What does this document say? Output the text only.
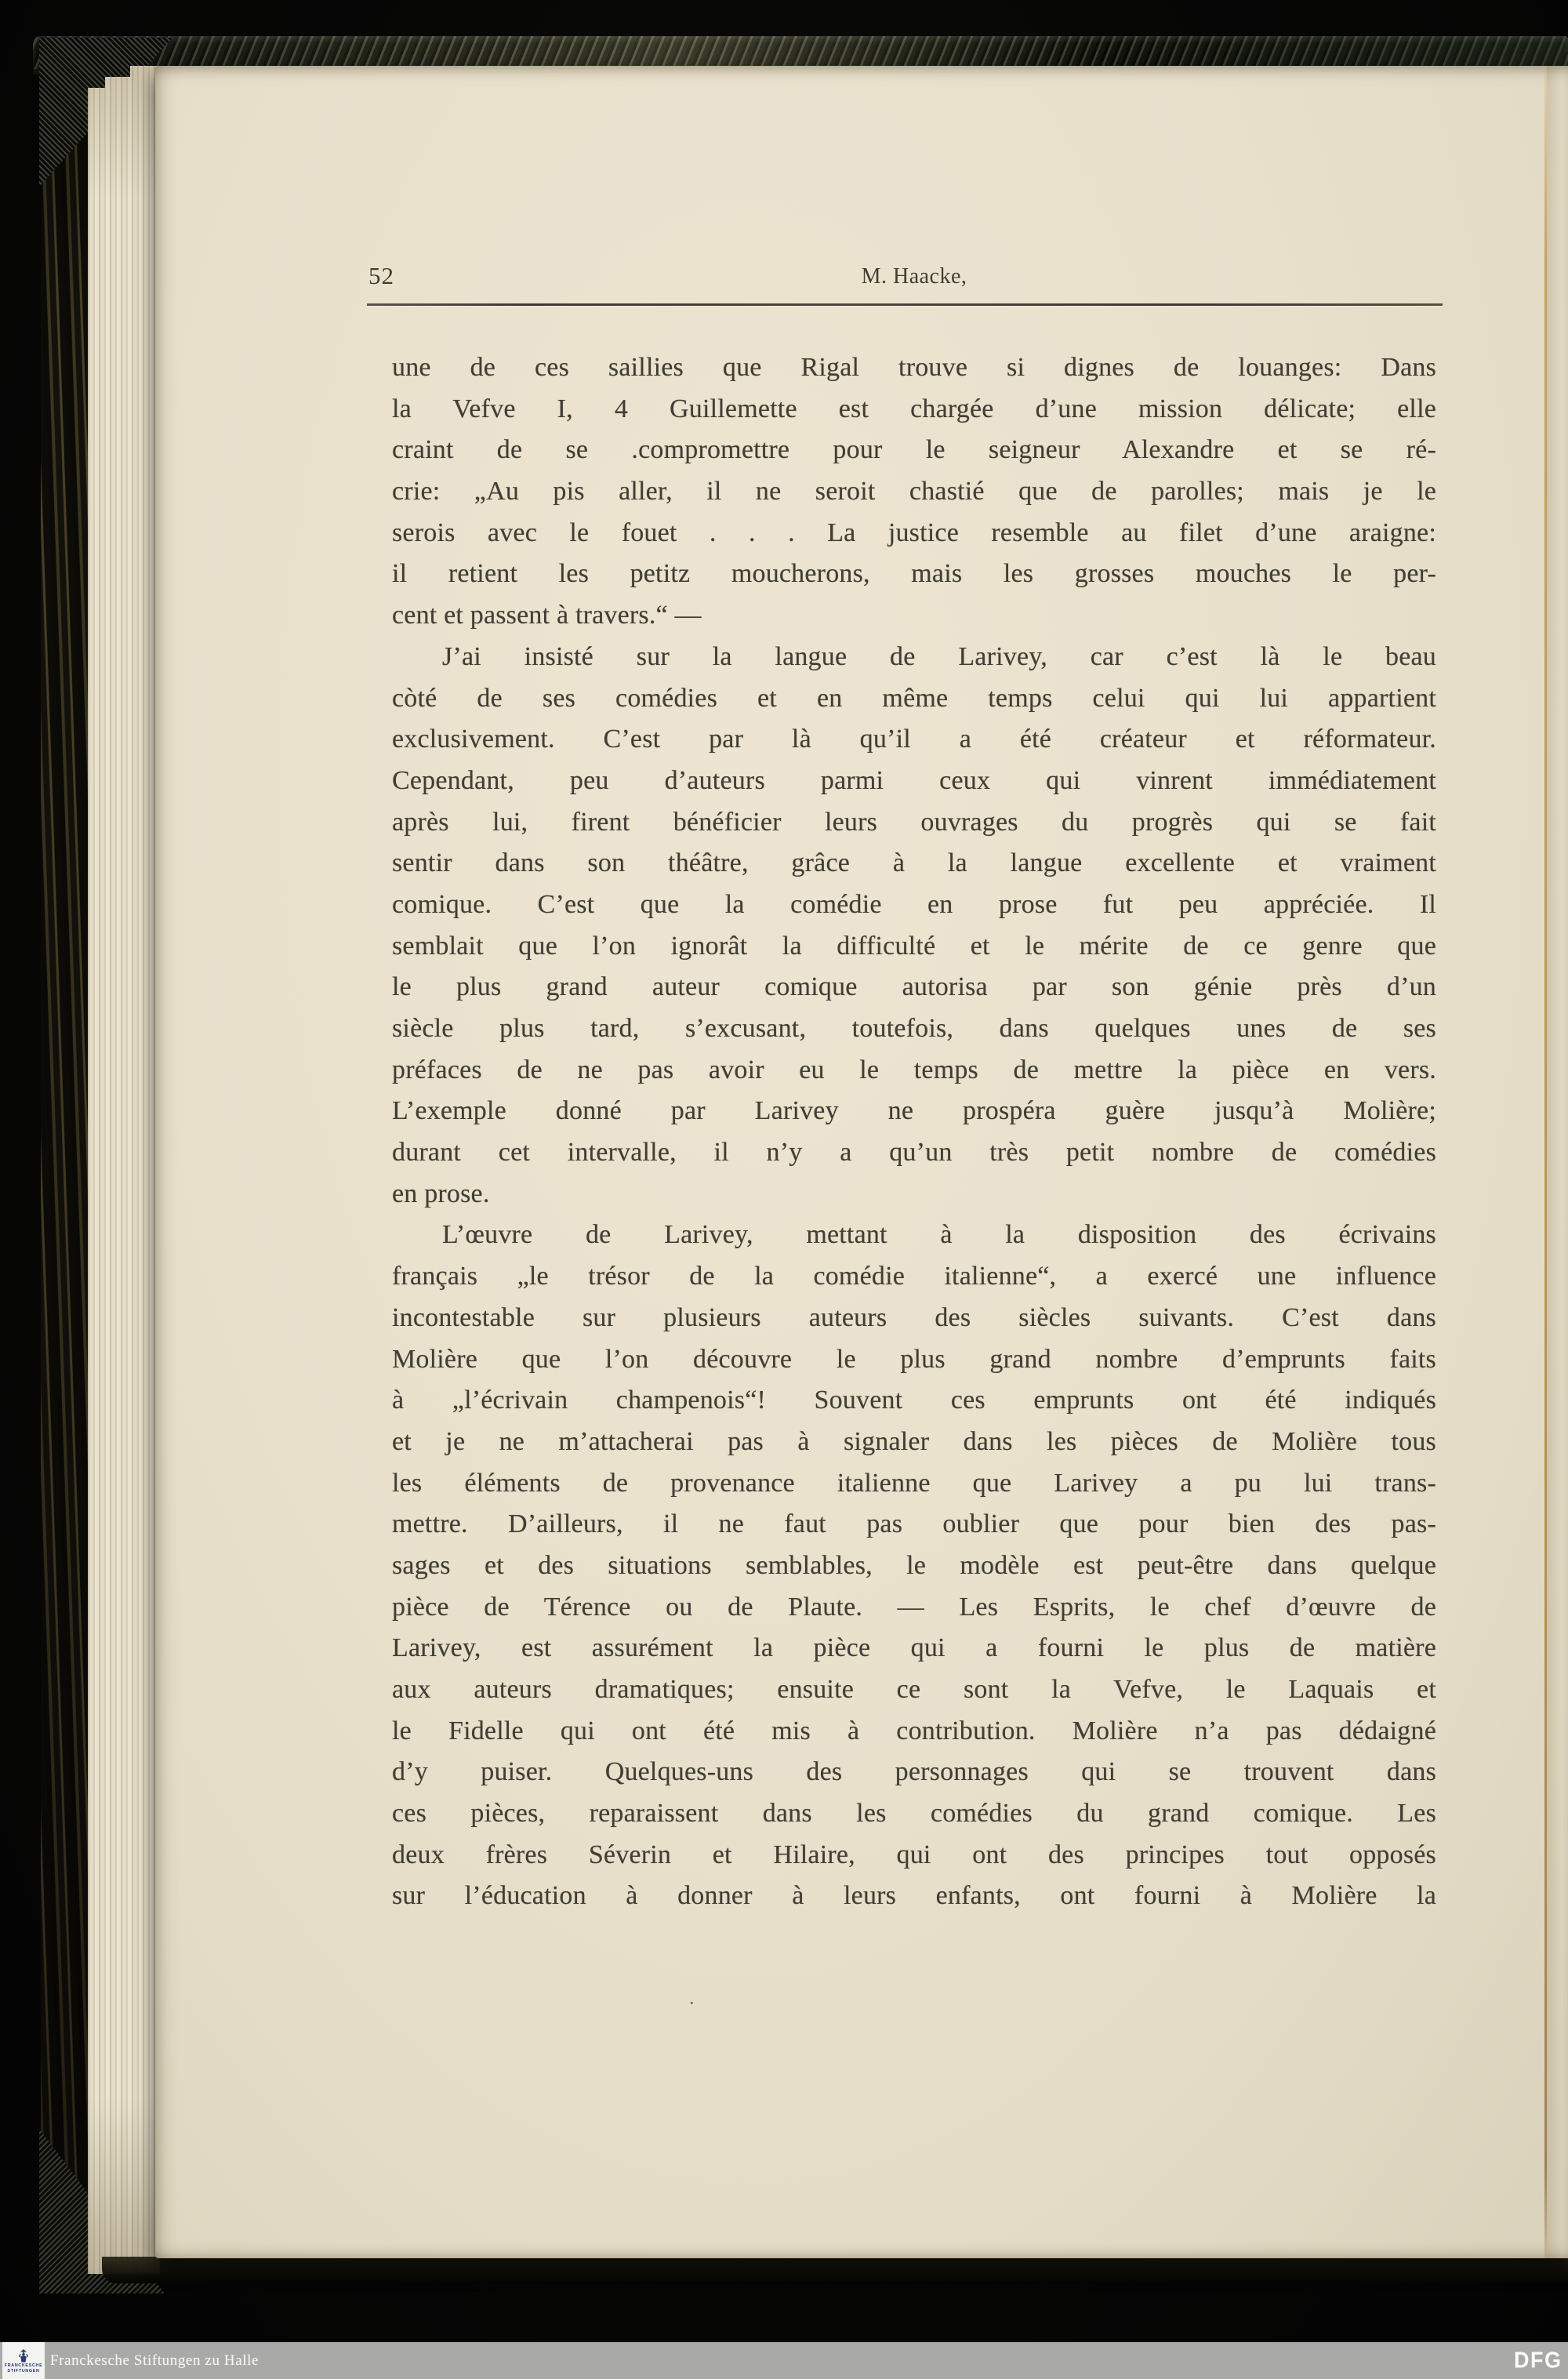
52	M. Haacke,
une de ces saillies que Rigal trouve si dignes de louanges: Dans
la Vefve I, 4 Guillemette est chargée d’une mission délicate; elle
craint de se .compromettre pour le seigneur Alexandre et se ré-
crie: „Au pis aller, il ne seroit chastié que de parolles; mais je le
serois avec le fouet . . . La justice resemble au filet d’une araigne:
il retient les petitz moucherons, mais les grosses mouches le per-
cent et passent à travers.“ —
J’ai insisté sur la langue de Larivey, car c’est là le beau
còté de ses comédies et en même temps celui qui lui appartient
exclusivement. C’est par là qu’il a été créateur et réformateur.
Cependant, peu d’auteurs parmi ceux qui vinrent immédiatement
après lui, firent bénéficier leurs ouvrages du progrès qui se fait
sentir dans son théâtre, grâce à la langue excellente et vraiment
comique. C’est que la comédie en prose fut peu appréciée. Il
semblait que l’on ignorât la difficulté et le mérite de ce genre que
le plus grand auteur comique autorisa par son génie près d’un
siècle plus tard, s’excusant, toutefois, dans quelques unes de ses
préfaces de ne pas avoir eu le temps de mettre la pièce en vers.
L’exemple donné par Larivey ne prospéra guère jusqu’à Molière;
durant cet intervalle, il n’y a qu’un très petit nombre de comédies
en prose.
L’œuvre de Larivey, mettant à la disposition des écrivains
français „le trésor de la comédie italienne“, a exercé une influence
incontestable sur plusieurs auteurs des siècles suivants. C’est dans
Molière que l’on découvre le plus grand nombre d’emprunts faits
à „l’écrivain champenois“! Souvent ces emprunts ont été indiqués
et je ne m’attacherai pas à signaler dans les pièces de Molière tous
les éléments de provenance italienne que Larivey a pu lui trans-
mettre. D’ailleurs, il ne faut pas oublier que pour bien des pas-
sages et des situations semblables, le modèle est peut-être dans quelque
pièce de Térence ou de Plaute. — Les Esprits, le chef d’œuvre de
Larivey, est assurément la pièce qui a fourni le plus de matière
aux auteurs dramatiques; ensuite ce sont la Vefve, le Laquais et
le Fidelle qui ont été mis à contribution. Molière n’a pas dédaigné
d’y puiser. Quelques-uns des personnages qui se trouvent dans
ces pièces, reparaissent dans les comédies du grand comique. Les
deux frères Séverin et Hilaire, qui ont des principes tout opposés
sur l’éducation à donner à leurs enfants, ont fourni à Molière la
·
FRANCKESCHE
STIFTUNGEN
Franckesche Stiftungen zu Halle	DFG
